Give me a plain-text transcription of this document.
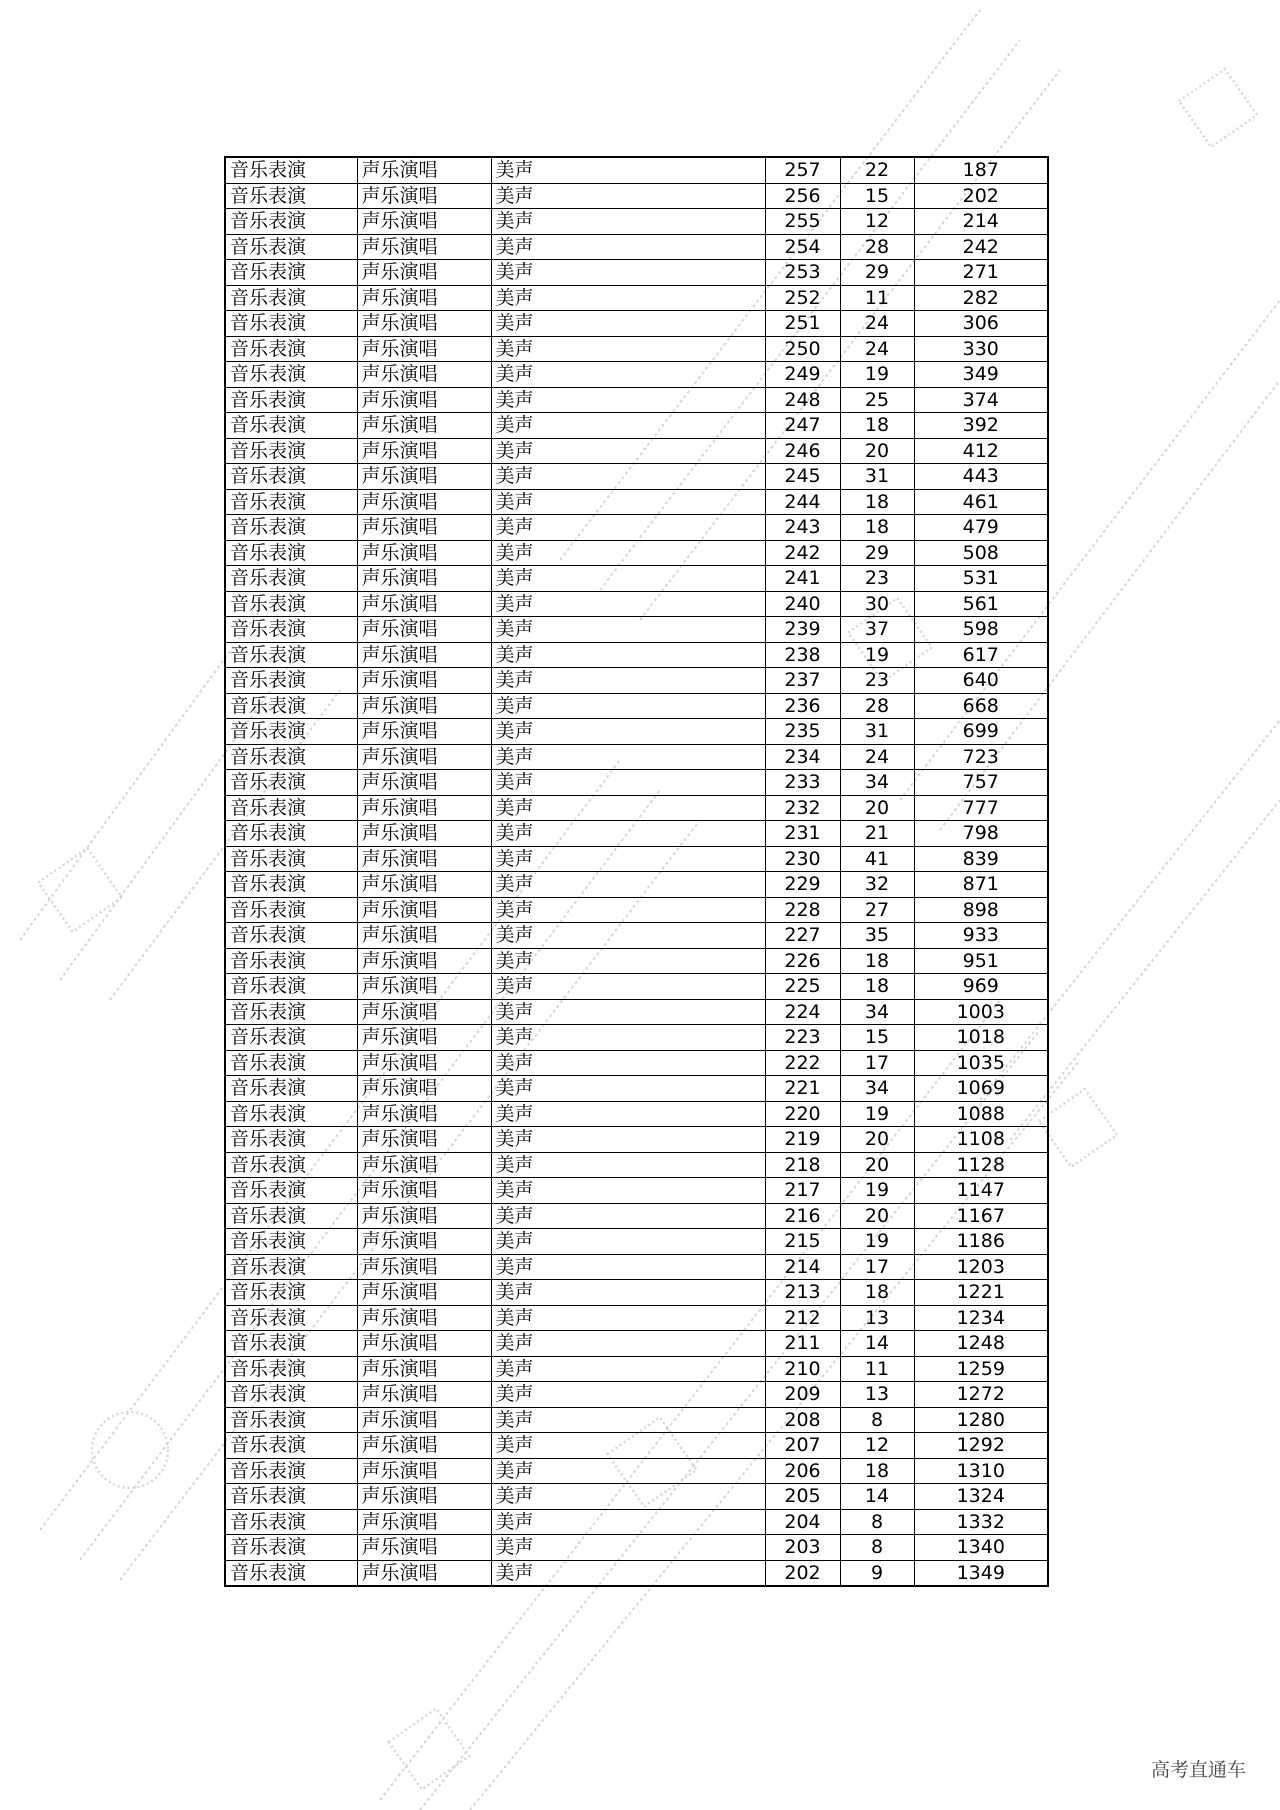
音乐表演	声乐演唱	美声	257	22	187
音乐表演	声乐演唱	美声	256	15	202
音乐表演	声乐演唱	美声	255	12	214
音乐表演	声乐演唱	美声	254	28	242
音乐表演	声乐演唱	美声	253	29	271
音乐表演	声乐演唱	美声	252	11	282
音乐表演	声乐演唱	美声	251	24	306
音乐表演	声乐演唱	美声	250	24	330
音乐表演	声乐演唱	美声	249	19	349
音乐表演	声乐演唱	美声	248	25	374
音乐表演	声乐演唱	美声	247	18	392
音乐表演	声乐演唱	美声	246	20	412
音乐表演	声乐演唱	美声	245	31	443
音乐表演	声乐演唱	美声	244	18	461
音乐表演	声乐演唱	美声	243	18	479
音乐表演	声乐演唱	美声	242	29	508
音乐表演	声乐演唱	美声	241	23	531
音乐表演	声乐演唱	美声	240	30	561
音乐表演	声乐演唱	美声	239	37	598
音乐表演	声乐演唱	美声	238	19	617
音乐表演	声乐演唱	美声	237	23	640
音乐表演	声乐演唱	美声	236	28	668
音乐表演	声乐演唱	美声	235	31	699
音乐表演	声乐演唱	美声	234	24	723
音乐表演	声乐演唱	美声	233	34	757
音乐表演	声乐演唱	美声	232	20	777
音乐表演	声乐演唱	美声	231	21	798
音乐表演	声乐演唱	美声	230	41	839
音乐表演	声乐演唱	美声	229	32	871
音乐表演	声乐演唱	美声	228	27	898
音乐表演	声乐演唱	美声	227	35	933
音乐表演	声乐演唱	美声	226	18	951
音乐表演	声乐演唱	美声	225	18	969
音乐表演	声乐演唱	美声	224	34	1003
音乐表演	声乐演唱	美声	223	15	1018
音乐表演	声乐演唱	美声	222	17	1035
音乐表演	声乐演唱	美声	221	34	1069
音乐表演	声乐演唱	美声	220	19	1088
音乐表演	声乐演唱	美声	219	20	1108
音乐表演	声乐演唱	美声	218	20	1128
音乐表演	声乐演唱	美声	217	19	1147
音乐表演	声乐演唱	美声	216	20	1167
音乐表演	声乐演唱	美声	215	19	1186
音乐表演	声乐演唱	美声	214	17	1203
音乐表演	声乐演唱	美声	213	18	1221
音乐表演	声乐演唱	美声	212	13	1234
音乐表演	声乐演唱	美声	211	14	1248
音乐表演	声乐演唱	美声	210	11	1259
音乐表演	声乐演唱	美声	209	13	1272
音乐表演	声乐演唱	美声	208	8	1280
音乐表演	声乐演唱	美声	207	12	1292
音乐表演	声乐演唱	美声	206	18	1310
音乐表演	声乐演唱	美声	205	14	1324
音乐表演	声乐演唱	美声	204	8	1332
音乐表演	声乐演唱	美声	203	8	1340
音乐表演	声乐演唱	美声	202	9	1349
高考直通车
